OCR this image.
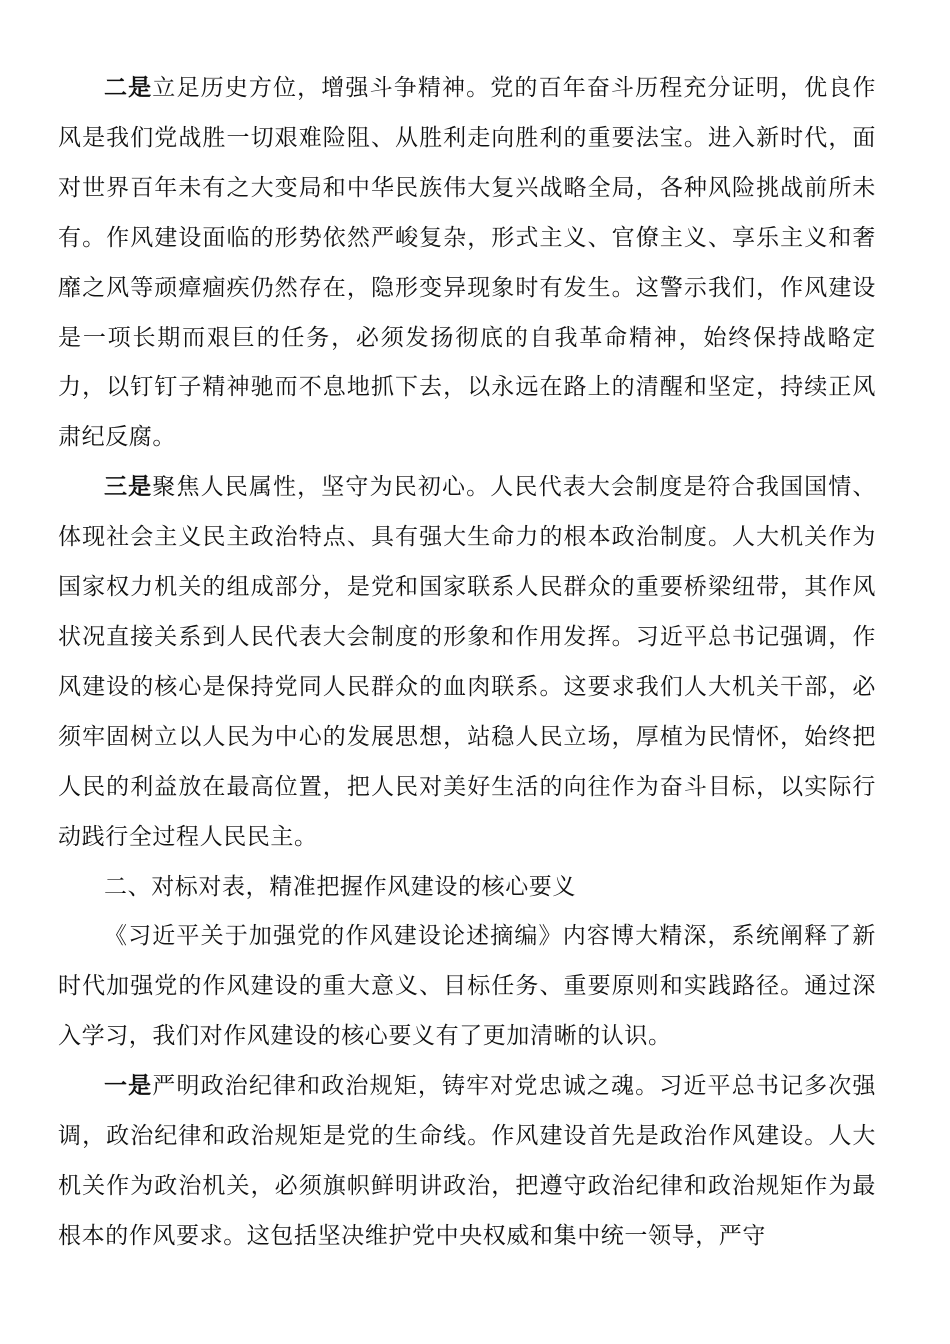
二是立足历史方位，增强斗争精神。党的百年奋斗历程充分证明，优良作风是我们党战胜一切艰难险阻、从胜利走向胜利的重要法宝。进入新时代，面对世界百年未有之大变局和中华民族伟大复兴战略全局，各种风险挑战前所未有。作风建设面临的形势依然严峻复杂，形式主义、官僚主义、享乐主义和奢靡之风等顽瘴痼疾仍然存在，隐形变异现象时有发生。这警示我们，作风建设是一项长期而艰巨的任务，必须发扬彻底的自我革命精神，始终保持战略定力，以钉钉子精神驰而不息地抓下去，以永远在路上的清醒和坚定，持续正风肃纪反腐。

三是聚焦人民属性，坚守为民初心。人民代表大会制度是符合我国国情、体现社会主义民主政治特点、具有强大生命力的根本政治制度。人大机关作为国家权力机关的组成部分，是党和国家联系人民群众的重要桥梁纽带，其作风状况直接关系到人民代表大会制度的形象和作用发挥。习近平总书记强调，作风建设的核心是保持党同人民群众的血肉联系。这要求我们人大机关干部，必须牢固树立以人民为中心的发展思想，站稳人民立场，厚植为民情怀，始终把人民的利益放在最高位置，把人民对美好生活的向往作为奋斗目标，以实际行动践行全过程人民民主。

二、对标对表，精准把握作风建设的核心要义

《习近平关于加强党的作风建设论述摘编》内容博大精深，系统阐释了新时代加强党的作风建设的重大意义、目标任务、重要原则和实践路径。通过深入学习，我们对作风建设的核心要义有了更加清晰的认识。

一是严明政治纪律和政治规矩，铸牢对党忠诚之魂。习近平总书记多次强调，政治纪律和政治规矩是党的生命线。作风建设首先是政治作风建设。人大机关作为政治机关，必须旗帜鲜明讲政治，把遵守政治纪律和政治规矩作为最根本的作风要求。这包括坚决维护党中央权威和集中统一领导，严守
